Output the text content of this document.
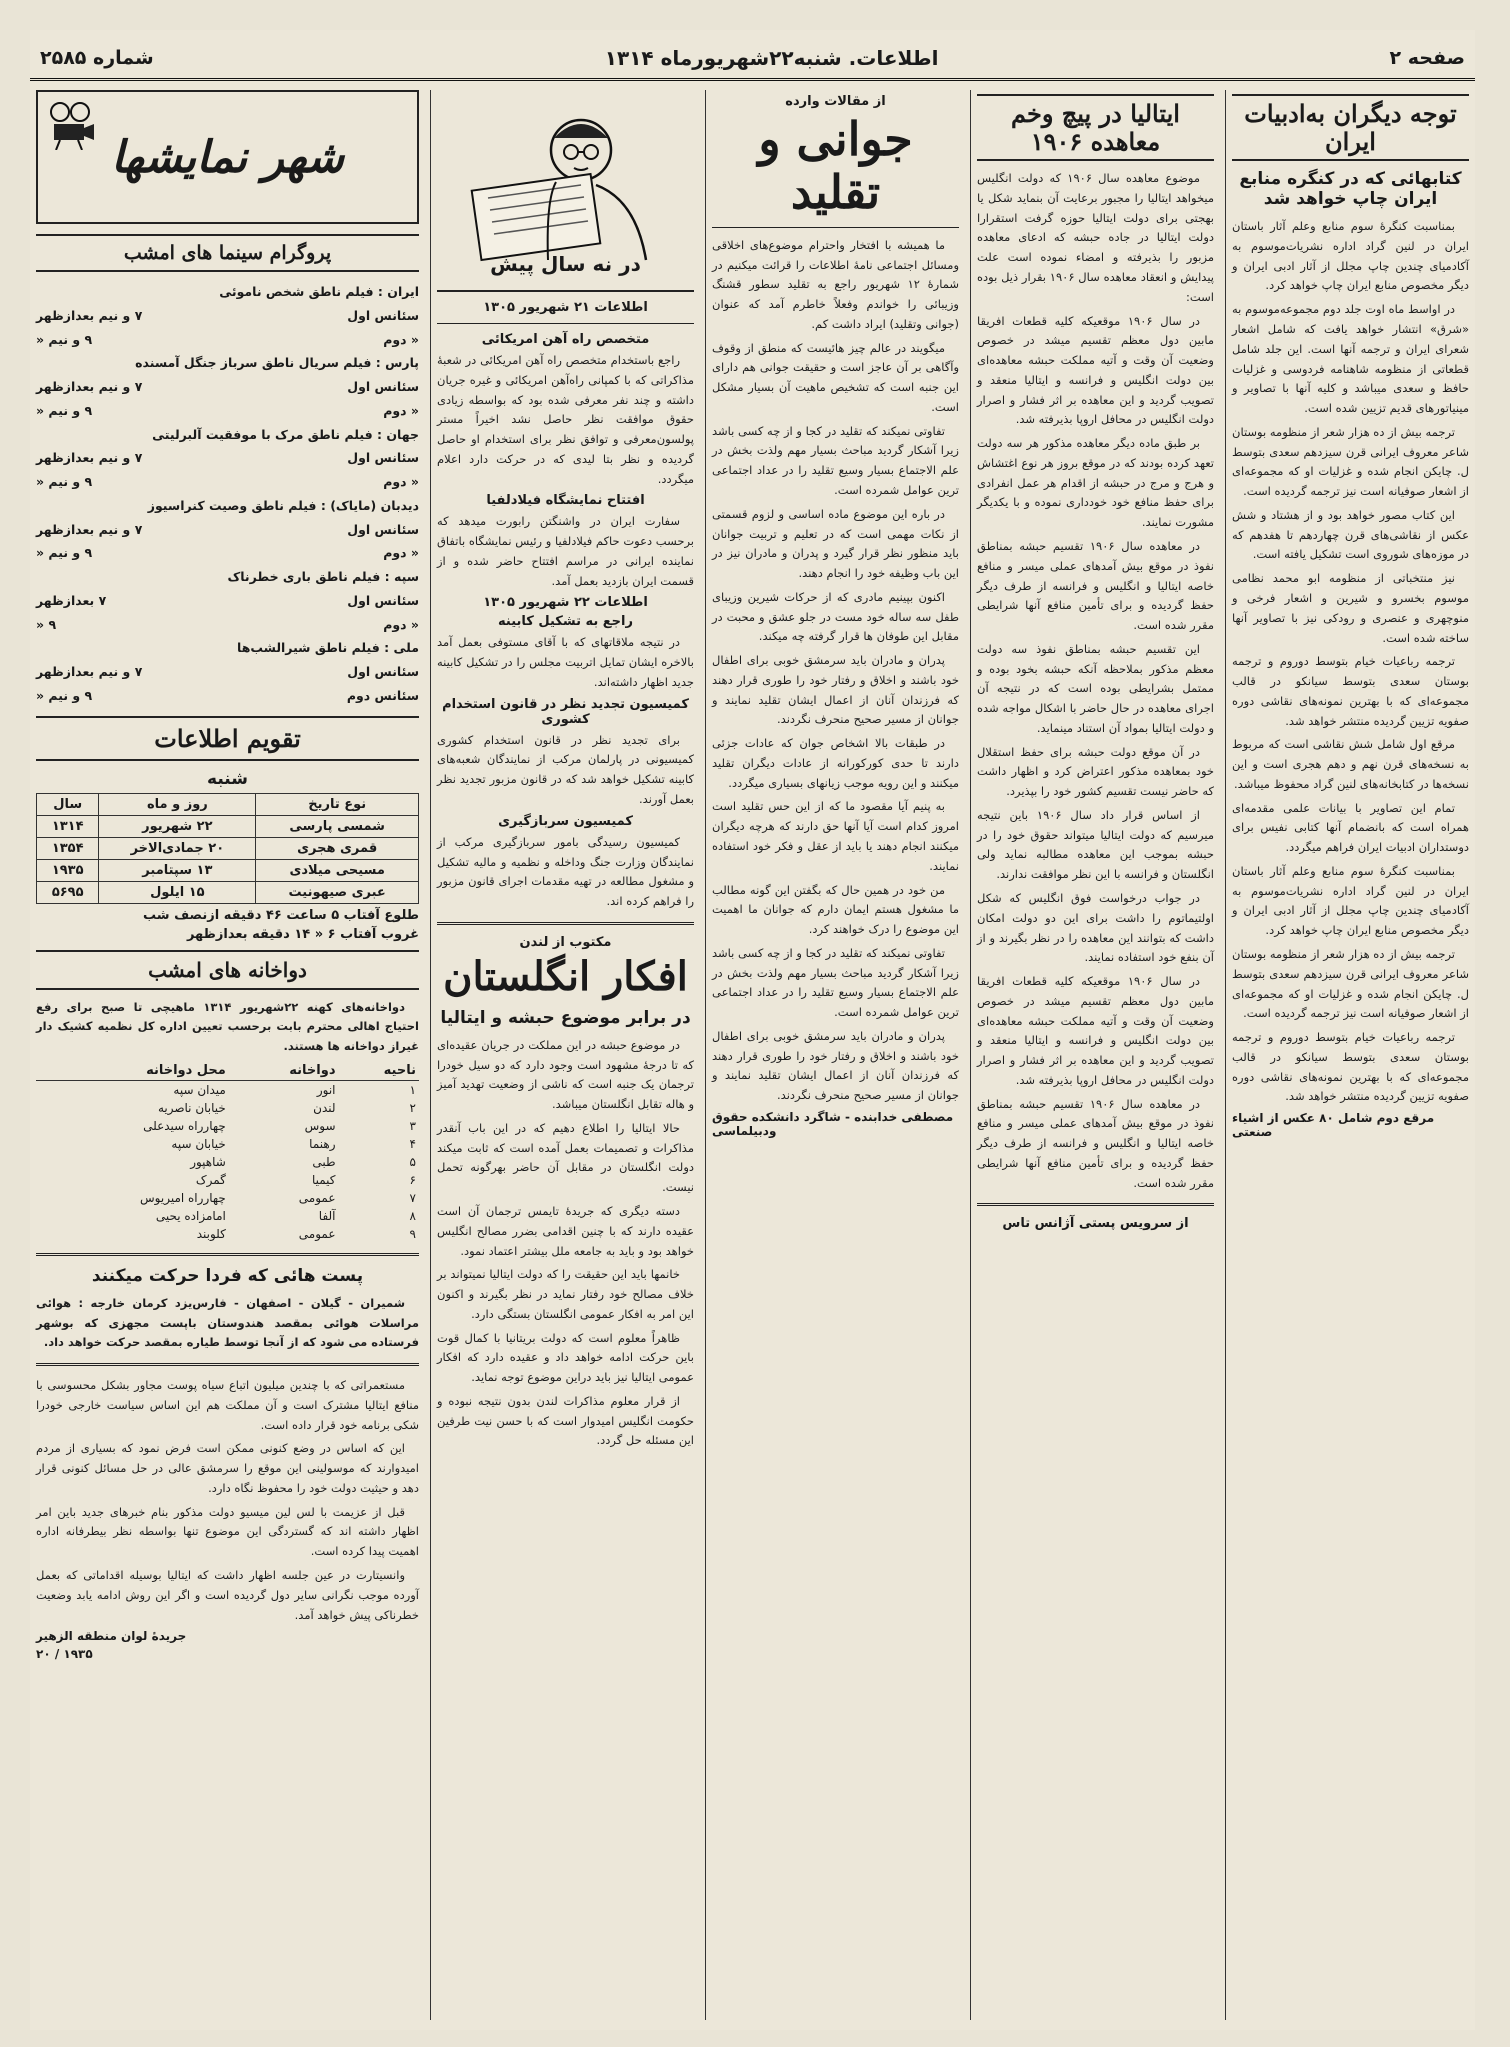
صفحه ۲
اطلاعات. شنبه۲۲شهریورماه ۱۳۱۴
شماره ۲۵۸۵
توجه دیگران به‌ادبیات ایران
کتابهائی که در کنگره منابع ایران چاپ خواهد شد

بمناسبت کنگرهٔ سوم منابع وعلم آثار باستان ایران در لنین گراد اداره نشریات‌موسوم به آکادمیای چندین چاپ مجلل از آثار ادبی ایران و دیگر مخصوص منابع ایران چاپ خواهد کرد.

در اواسط ماه اوت جلد دوم مجموعه‌موسوم به «شرق» انتشار خواهد یافت که شامل اشعار شعرای ایران و ترجمه آنها است. این جلد شامل قطعاتی از منظومه شاهنامه فردوسی و غزلیات حافظ و سعدی میباشد و کلیه آنها با تصاویر و مینیاتورهای قدیم تزیین شده است.

ترجمه بیش از ده هزار شعر از منظومه بوستان شاعر معروف ایرانی قرن سیزدهم سعدی بتوسط ل. چایکن انجام شده و غزلیات او که مجموعه‌ای از اشعار صوفیانه است نیز ترجمه گردیده است.

این کتاب مصور خواهد بود و از هشتاد و شش عکس از نقاشی‌های قرن چهاردهم تا هفدهم که در موزه‌های شوروی است تشکیل یافته است.

نیز منتخباتی از منظومه ابو محمد نظامی موسوم بخسرو و شیرین و اشعار فرخی و منوچهری و عنصری و رودکی نیز با تصاویر آنها ساخته شده است.

ترجمه رباعیات خیام بتوسط دوروم و ترجمه بوستان سعدی بتوسط سیانکو در قالب مجموعه‌ای که با بهترین نمونه‌های نقاشی دوره صفویه تزیین گردیده منتشر خواهد شد.

مرقع اول شامل شش نقاشی است که مربوط به نسخه‌های قرن نهم و دهم هجری است و این نسخه‌ها در کتابخانه‌های لنین گراد محفوظ میباشد.

تمام این تصاویر با بیانات علمی مقدمه‌ای همراه است که بانضمام آنها کتابی نفیس برای دوستداران ادبیات ایران فراهم میگردد.

بمناسبت کنگرهٔ سوم منابع وعلم آثار باستان ایران در لنین گراد اداره نشریات‌موسوم به آکادمیای چندین چاپ مجلل از آثار ادبی ایران و دیگر مخصوص منابع ایران چاپ خواهد کرد.

ترجمه بیش از ده هزار شعر از منظومه بوستان شاعر معروف ایرانی قرن سیزدهم سعدی بتوسط ل. چایکن انجام شده و غزلیات او که مجموعه‌ای از اشعار صوفیانه است نیز ترجمه گردیده است.

ترجمه رباعیات خیام بتوسط دوروم و ترجمه بوستان سعدی بتوسط سیانکو در قالب مجموعه‌ای که با بهترین نمونه‌های نقاشی دوره صفویه تزیین گردیده منتشر خواهد شد.

مرقع دوم شامل ۸۰ عکس از اشیاء صنعتی
ایتالیا در پیچ وخم معاهده ۱۹۰۶

موضوع معاهده سال ۱۹۰۶ که دولت انگلیس میخواهد ایتالیا را مجبور برعایت آن بنماید شکل یا بهجتی برای دولت ایتالیا حوزه گرفت استقرارا دولت ایتالیا در جاده حبشه که ادعای معاهده مزبور را بذیرفته و امضاء نموده است علت پیدایش و انعقاد معاهده سال ۱۹۰۶ بقرار ذیل بوده است:

در سال ۱۹۰۶ موقعیکه کلیه قطعات افریقا مابین دول معظم تقسیم میشد در خصوص وضعیت آن وقت و آتیه مملکت حبشه معاهده‌ای بین دولت انگلیس و فرانسه و ایتالیا منعقد و تصویب گردید و این معاهده بر اثر فشار و اصرار دولت انگلیس در محافل اروپا بذیرفته شد.

بر طبق ماده دیگر معاهده مذکور هر سه دولت تعهد کرده بودند که در موقع بروز هر نوع اغتشاش و هرج و مرج در حبشه از اقدام هر عمل انفرادی برای حفظ منافع خود خودداری نموده و با یکدیگر مشورت نمایند.

در معاهده سال ۱۹۰۶ تقسیم حبشه بمناطق نفوذ در موقع بیش آمدهای عملی میسر و منافع خاصه ایتالیا و انگلیس و فرانسه از طرف دیگر حفظ گردیده و برای تأمین منافع آنها شرایطی مقرر شده است.

این تقسیم حبشه بمناطق نفوذ سه دولت معظم مذکور بملاحظه آنکه حبشه بخود بوده و ممتمل بشرایطی بوده است که در نتیجه آن اجرای معاهده در حال حاضر با اشکال مواجه شده و دولت ایتالیا بمواد آن استناد مینماید.

در آن موقع دولت حبشه برای حفظ استقلال خود بمعاهده مذکور اعتراض کرد و اظهار داشت که حاضر نیست تقسیم کشور خود را بپذیرد.

از اساس قرار داد سال ۱۹۰۶ باین نتیجه میرسیم که دولت ایتالیا میتواند حقوق خود را در حبشه بموجب این معاهده مطالبه نماید ولی انگلستان و فرانسه با این نظر موافقت ندارند.

در جواب درخواست فوق انگلیس که شکل اولتیماتوم را داشت برای این دو دولت امکان داشت که بتوانند این معاهده را در نظر بگیرند و از آن بنفع خود استفاده نمایند.

در سال ۱۹۰۶ موقعیکه کلیه قطعات افریقا مابین دول معظم تقسیم میشد در خصوص وضعیت آن وقت و آتیه مملکت حبشه معاهده‌ای بین دولت انگلیس و فرانسه و ایتالیا منعقد و تصویب گردید و این معاهده بر اثر فشار و اصرار دولت انگلیس در محافل اروپا بذیرفته شد.

در معاهده سال ۱۹۰۶ تقسیم حبشه بمناطق نفوذ در موقع بیش آمدهای عملی میسر و منافع خاصه ایتالیا و انگلیس و فرانسه از طرف دیگر حفظ گردیده و برای تأمین منافع آنها شرایطی مقرر شده است.

از سرویس پستی آژانس تاس
از مقالات وارده
جوانی و تقلید

ما همیشه با افتخار واحترام موضوع‌های اخلاقی ومسائل اجتماعی نامهٔ اطلاعات را قرائت میکنیم در شمارهٔ ۱۲ شهریور راجع به تقلید سطور قشنگ وزیبائی را خواندم وفعلاً خاطرم آمد که عنوان (جوانی وتقلید) ایراد داشت کم.

میگویند در عالم چیز هائیست که منطق از وقوف وآگاهی بر آن عاجز است و حقیقت جوانی هم دارای این جنبه است که تشخیص ماهیت آن بسیار مشکل است.

تفاوتی نمیکند که تقلید در کجا و از چه کسی باشد زیرا آشکار گردید مباحث بسیار مهم ولذت بخش در علم الاجتماع بسیار وسیع تقلید را در عداد اجتماعی ترین عوامل شمرده است.

در باره این موضوع ماده اساسی و لزوم قسمتی از نکات مهمی است که در تعلیم و تربیت جوانان باید منظور نظر قرار گیرد و پدران و مادران نیز در این باب وظیفه خود را انجام دهند.

اکنون بپینیم مادری که از حرکات شیرین وزیبای طفل سه ساله خود مست در جلو عشق و محبت در مقابل این طوفان ها قرار گرفته چه میکند.

پدران و مادران باید سرمشق خوبی برای اطفال خود باشند و اخلاق و رفتار خود را طوری قرار دهند که فرزندان آنان از اعمال ایشان تقلید نمایند و جوانان از مسیر صحیح منحرف نگردند.

در طبقات بالا اشخاص جوان که عادات جزئی دارند تا حدی کورکورانه از عادات دیگران تقلید میکنند و این رویه موجب زیانهای بسیاری میگردد.

به پنیم آیا مقصود ما که از این حس تقلید است امروز کدام است آیا آنها حق دارند که هرچه دیگران میکنند انجام دهند یا باید از عقل و فکر خود استفاده نمایند.

من خود در همین حال که بگفتن این گونه مطالب ما مشغول هستم ایمان دارم که جوانان ما اهمیت این موضوع را درک خواهند کرد.

تفاوتی نمیکند که تقلید در کجا و از چه کسی باشد زیرا آشکار گردید مباحث بسیار مهم ولذت بخش در علم الاجتماع بسیار وسیع تقلید را در عداد اجتماعی ترین عوامل شمرده است.

پدران و مادران باید سرمشق خوبی برای اطفال خود باشند و اخلاق و رفتار خود را طوری قرار دهند که فرزندان آنان از اعمال ایشان تقلید نمایند و جوانان از مسیر صحیح منحرف نگردند.

مصطفی خدابنده - شاگرد دانشکده حقوق ودبیلماسی
در نه سال پیش
اطلاعات ۲۱ شهریور ۱۳۰۵
متخصص راه آهن امریکائی

راجع باستخدام متخصص راه آهن امریکائی در شعبهٔ مذاکراتی که با کمپانی راه‌آهن امریکائی و غیره جریان داشته و چند نفر معرفی شده بود که بواسطه زیادی حقوق موافقت نظر حاصل نشد اخیراً مستر پولسون‌معرفی و توافق نظر برای استخدام او حاصل گردیده و نظر بتا لیدی که در حرکت دارد اعلام میگردد.

افتتاح نمایشگاه فیلادلفیا

سفارت ایران در واشنگتن رابورت میدهد که برحسب دعوت حاکم فیلادلفیا و رئیس نمایشگاه باتفاق نماینده ایرانی در مراسم افتتاح حاضر شده و از قسمت ایران بازدید بعمل آمد.

اطلاعات ۲۲ شهریور ۱۳۰۵
راجع به تشکیل کابینه

در نتیجه ملاقاتهای که با آقای مستوفی بعمل آمد بالاخره ایشان تمایل اتربیت مجلس را در تشکیل کابینه جدید اظهار داشته‌اند.

کمیسیون تجدید نظر در قانون استخدام کشوری

برای تجدید نظر در قانون استخدام کشوری کمیسیونی در پارلمان مرکب از نمایندگان شعبه‌های کابینه تشکیل خواهد شد که در قانون مزبور تجدید نظر بعمل آورند.

کمیسیون سربازگیری

کمیسیون رسیدگی بامور سربازگیری مرکب از نمایندگان وزارت جنگ وداخله و نظمیه و مالیه تشکیل و مشغول مطالعه در تهیه مقدمات اجرای قانون مزبور را فراهم کرده اند.

مکتوب از لندن
افکار انگلستان
در برابر موضوع حبشه و ایتالیا

در موضوع حبشه در این مملکت در جریان عقیده‌ای که تا درجهٔ مشهود است وجود دارد که دو سیل خودرا ترجمان یک جنبه است که ناشی از وضعیت تهدید آمیز و هاله تقابل انگلستان میباشد.

حالا ایتالیا را اطلاع دهیم که در این باب آنقدر مذاکرات و تصمیمات بعمل آمده است که ثابت میکند دولت انگلستان در مقابل آن حاضر بهرگونه تحمل نیست.

دسته دیگری که جریدهٔ تایمس ترجمان آن است عقیده دارند که با چنین اقدامی بضرر مصالح انگلیس خواهد بود و باید به جامعه ملل بیشتر اعتماد نمود.

خانمها باید این حقیقت را که دولت ایتالیا نمیتواند بر خلاف مصالح خود رفتار نماید در نظر بگیرند و اکنون این امر به افکار عمومی انگلستان بستگی دارد.

ظاهراً معلوم است که دولت بریتانیا با کمال قوت باین حرکت ادامه خواهد داد و عقیده دارد که افکار عمومی ایتالیا نیز باید دراین موضوع توجه نماید.

از قرار معلوم مذاکرات لندن بدون نتیجه نبوده و حکومت انگلیس امیدوار است که با حسن نیت طرفین این مسئله حل گردد.

شهر نمایشها
پروگرام سینما های امشب
ایران : فیلم ناطق شخص ناموئی
سئانس اول
۷ و نیم بعدازظهر
« دوم
۹ و نیم «
پارس : فیلم سریال ناطق سرباز جنگل آمسنده
سئانس اول
۷ و نیم بعدازظهر
« دوم
۹ و نیم «
جهان : فیلم ناطق مرک با موفقیت آلبرلیتی
سئانس اول
۷ و نیم بعدازظهر
« دوم
۹ و نیم «
دیدبان (مایاک) : فیلم ناطق وصیت کنراسیوز
سئانس اول
۷ و نیم بعدازظهر
« دوم
۹ و نیم «
سپه : فیلم ناطق باری خطرناک
سئانس اول
۷ بعدازظهر
« دوم
۹ «
ملی : فیلم ناطق شیرالشب‌ها
سئانس اول
۷ و نیم بعدازظهر
سئانس دوم
۹ و نیم «
تقویم اطلاعات
شنبه
نوع تاریخ	روز و ماه	سال
شمسی پارسی	۲۲ شهریور	۱۳۱۴
قمری هجری	۲۰ جمادی‌الاخر	۱۳۵۴
مسیحی میلادی	۱۳ سپتامبر	۱۹۳۵
عبری صیهونیت	۱۵ ایلول	۵۶۹۵
طلوع آفتاب ۵ ساعت ۴۶ دقیقه ازنصف شب
غروب آفتاب ۶ « ۱۴ دقیقه بعدازظهر
دواخانه های امشب

دواخانه‌های کهنه ۲۲شهریور ۱۳۱۴ ماهیچی تا صبح برای رفع احتیاج اهالی محترم بابت برحسب تعیین اداره کل نظمیه کشیک دار غیراز دواخانه ها هستند.

ناحیه	دواخانه	محل دواخانه
۱	انور	میدان سپه
۲	لندن	خیابان ناصریه
۳	سوس	چهارراه سیدعلی
۴	رهنما	خیابان سپه
۵	طبی	شاهپور
۶	کیمیا	گمرک
۷	عمومی	چهارراه امیریوس
۸	آلفا	امامزاده یحیی
۹	عمومی	کلوبند
پست هائی که فردا حرکت میکنند

شمیران - گیلان - اصفهان - فارس‌یزد کرمان خارجه : هوائی مراسلات هوائی بمقصد هندوستان باپست مجهزی که بوشهر فرستاده می شود که از آنجا توسط طیاره بمقصد حرکت خواهد داد.

مستعمراتی که با چندین میلیون اتباع سیاه پوست مجاور بشکل محسوسی با منافع ایتالیا مشترک است و آن مملکت هم این اساس سیاست خارجی خودرا شکی برنامه خود قرار داده است.

این که اساس در وضع کنونی ممکن است فرض نمود که بسیاری از مردم امیدوارند که موسولینی این موقع را سرمشق عالی در حل مسائل کنونی قرار دهد و حیثیت دولت خود را محفوظ نگاه دارد.

قبل از عزیمت با لس لین میسیو دولت مذکور بنام خبرهای جدید باین امر اظهار داشته اند که گستردگی این موضوع تنها بواسطه نظر بیطرفانه اداره اهمیت پیدا کرده است.

وانسیتارت در عین جلسه اظهار داشت که ایتالیا بوسیله اقداماتی که بعمل آورده موجب نگرانی سایر دول گردیده است و اگر این روش ادامه یابد وضعیت خطرناکی پیش خواهد آمد.

جریدهٔ لوان منطقه الزهیر
۱۹۳۵ / ۲۰
